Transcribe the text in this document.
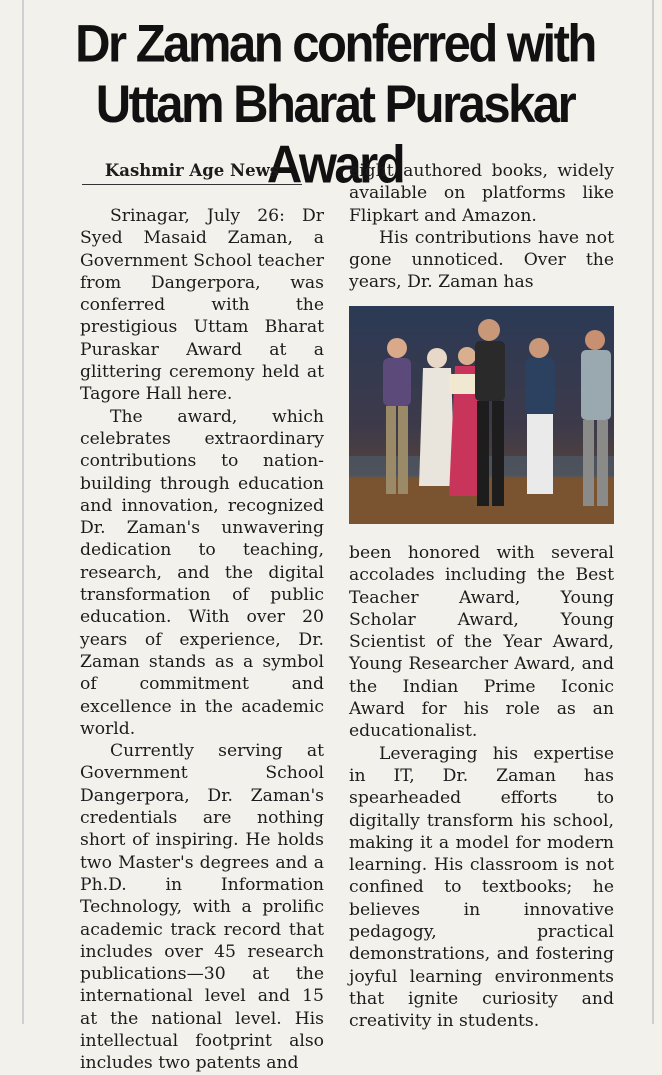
Dr Zaman conferred with
Uttam Bharat Puraskar Award
Kashmir Age News

Srinagar, July 26: Dr Syed Masaid Zaman, a Government School teacher from Dangerpora, was conferred with the prestigious Uttam Bharat Puraskar Award at a glittering ceremony held at Tagore Hall here.

The award, which celebrates extraordinary contributions to nation-building through education and innovation, recognized Dr. Zaman's unwavering dedication to teaching, research, and the digital transformation of public education. With over 20 years of experience, Dr. Zaman stands as a symbol of commitment and excellence in the academic world.

Currently serving at Government School Dangerpora, Dr. Zaman's credentials are nothing short of inspiring. He holds two Master's degrees and a Ph.D. in Information Technology, with a prolific academic track record that includes over 45 research publications—30 at the international level and 15 at the national level. His intellectual footprint also includes two patents and

eight authored books, widely available on platforms like Flipkart and Amazon.

His contributions have not gone unnoticed. Over the years, Dr. Zaman has

been honored with several accolades including the Best Teacher Award, Young Scholar Award, Young Scientist of the Year Award, Young Researcher Award, and the Indian Prime Iconic Award for his role as an educationalist.

Leveraging his expertise in IT, Dr. Zaman has spearheaded efforts to digitally transform his school, making it a model for modern learning. His classroom is not confined to textbooks; he believes in innovative pedagogy, practical demonstrations, and fostering joyful learning environments that ignite curiosity and creativity in students.
